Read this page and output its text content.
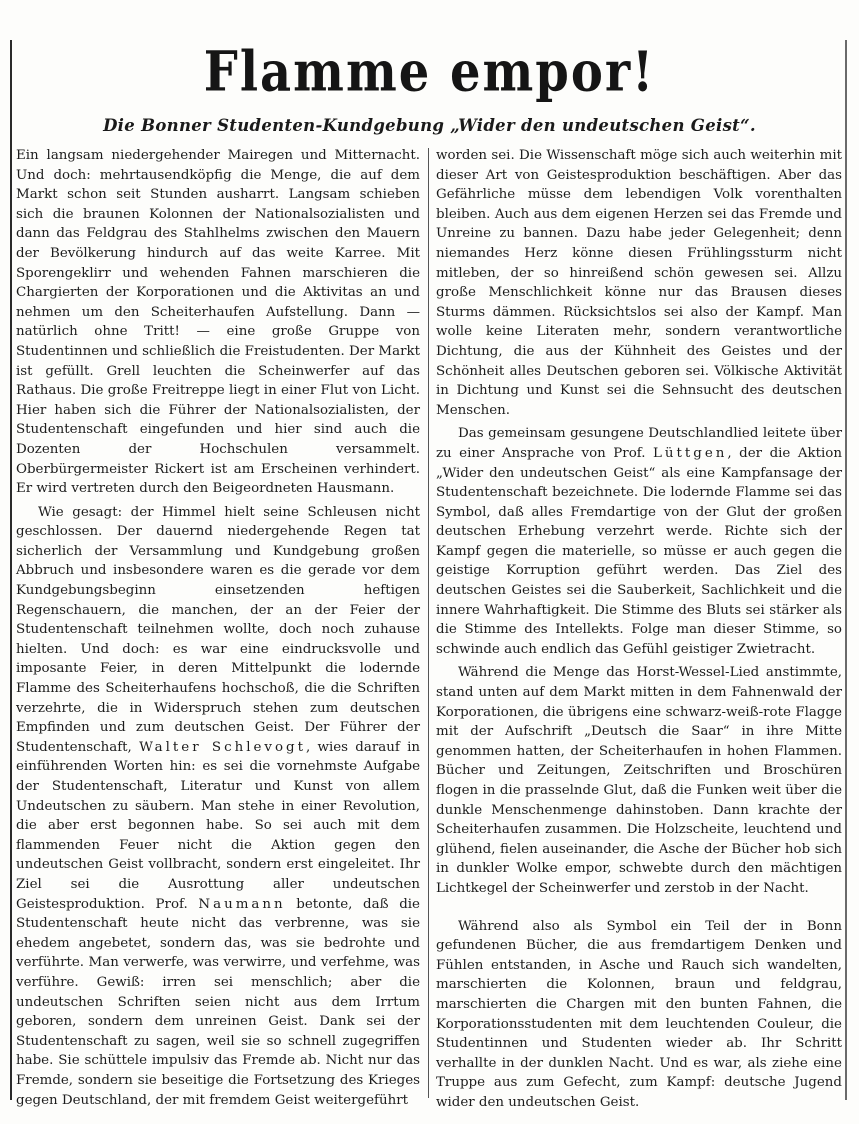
Flamme empor!
Die Bonner Studenten-Kundgebung „Wider den undeutschen Geist“.

Ein langsam niedergehender Mairegen und Mitternacht. Und doch: mehrtausendköpfig die Menge, die auf dem Markt schon seit Stunden ausharrt. Langsam schieben sich die braunen Kolonnen der Nationalsozialisten und dann das Feldgrau des Stahlhelms zwischen den Mauern der Bevölkerung hindurch auf das weite Karree. Mit Sporengeklirr und wehenden Fahnen marschieren die Chargierten der Korporationen und die Aktivitas an und nehmen um den Scheiterhaufen Aufstellung. Dann — natürlich ohne Tritt! — eine große Gruppe von Studentinnen und schließlich die Freistudenten. Der Markt ist gefüllt. Grell leuchten die Scheinwerfer auf das Rathaus. Die große Freitreppe liegt in einer Flut von Licht. Hier haben sich die Führer der Nationalsozialisten, der Studentenschaft eingefunden und hier sind auch die Dozenten der Hochschulen versammelt. Oberbürgermeister Rickert ist am Erscheinen verhindert. Er wird vertreten durch den Beigeordneten Hausmann.

Wie gesagt: der Himmel hielt seine Schleusen nicht geschlossen. Der dauernd niedergehende Regen tat sicherlich der Versammlung und Kundgebung großen Abbruch und insbesondere waren es die gerade vor dem Kundgebungsbeginn einsetzenden heftigen Regenschauern, die manchen, der an der Feier der Studentenschaft teilnehmen wollte, doch noch zuhause hielten. Und doch: es war eine eindrucksvolle und imposante Feier, in deren Mittelpunkt die lodernde Flamme des Scheiterhaufens hochschoß, die die Schriften verzehrte, die in Widerspruch stehen zum deutschen Empfinden und zum deutschen Geist. Der Führer der Studentenschaft, Walter Schlevogt, wies darauf in einführenden Worten hin: es sei die vornehmste Aufgabe der Studentenschaft, Literatur und Kunst von allem Undeutschen zu säubern. Man stehe in einer Revolution, die aber erst begonnen habe. So sei auch mit dem flammenden Feuer nicht die Aktion gegen den undeutschen Geist vollbracht, sondern erst eingeleitet. Ihr Ziel sei die Ausrottung aller undeutschen Geistesproduktion. Prof. Naumann betonte, daß die Studentenschaft heute nicht das verbrenne, was sie ehedem angebetet, sondern das, was sie bedrohte und verführte. Man verwerfe, was verwirre, und verfehme, was verführe. Gewiß: irren sei menschlich; aber die undeutschen Schriften seien nicht aus dem Irrtum geboren, sondern dem unreinen Geist. Dank sei der Studentenschaft zu sagen, weil sie so schnell zugegriffen habe. Sie schüttele impulsiv das Fremde ab. Nicht nur das Fremde, sondern sie beseitige die Fortsetzung des Krieges gegen Deutschland, der mit fremdem Geist weitergeführt

worden sei. Die Wissenschaft möge sich auch weiterhin mit dieser Art von Geistesproduktion beschäftigen. Aber das Gefährliche müsse dem lebendigen Volk vorenthalten bleiben. Auch aus dem eigenen Herzen sei das Fremde und Unreine zu bannen. Dazu habe jeder Gelegenheit; denn niemandes Herz könne diesen Frühlingssturm nicht mitleben, der so hinreißend schön gewesen sei. Allzu große Menschlichkeit könne nur das Brausen dieses Sturms dämmen. Rücksichtslos sei also der Kampf. Man wolle keine Literaten mehr, sondern verantwortliche Dichtung, die aus der Kühnheit des Geistes und der Schönheit alles Deutschen geboren sei. Völkische Aktivität in Dichtung und Kunst sei die Sehnsucht des deutschen Menschen.

Das gemeinsam gesungene Deutschlandlied leitete über zu einer Ansprache von Prof. Lüttgen, der die Aktion „Wider den undeutschen Geist“ als eine Kampfansage der Studentenschaft bezeichnete. Die lodernde Flamme sei das Symbol, daß alles Fremdartige von der Glut der großen deutschen Erhebung verzehrt werde. Richte sich der Kampf gegen die materielle, so müsse er auch gegen die geistige Korruption geführt werden. Das Ziel des deutschen Geistes sei die Sauberkeit, Sachlichkeit und die innere Wahrhaftigkeit. Die Stimme des Bluts sei stärker als die Stimme des Intellekts. Folge man dieser Stimme, so schwinde auch endlich das Gefühl geistiger Zwietracht.

Während die Menge das Horst-Wessel-Lied anstimmte, stand unten auf dem Markt mitten in dem Fahnenwald der Korporationen, die übrigens eine schwarz-weiß-rote Flagge mit der Aufschrift „Deutsch die Saar“ in ihre Mitte genommen hatten, der Scheiterhaufen in hohen Flammen. Bücher und Zeitungen, Zeitschriften und Broschüren flogen in die prasselnde Glut, daß die Funken weit über die dunkle Menschenmenge dahinstoben. Dann krachte der Scheiterhaufen zusammen. Die Holzscheite, leuchtend und glühend, fielen auseinander, die Asche der Bücher hob sich in dunkler Wolke empor, schwebte durch den mächtigen Lichtkegel der Scheinwerfer und zerstob in der Nacht.

Während also als Symbol ein Teil der in Bonn gefundenen Bücher, die aus fremdartigem Denken und Fühlen entstanden, in Asche und Rauch sich wandelten, marschierten die Kolonnen, braun und feldgrau, marschierten die Chargen mit den bunten Fahnen, die Korporationsstudenten mit dem leuchtenden Couleur, die Studentinnen und Studenten wieder ab. Ihr Schritt verhallte in der dunklen Nacht. Und es war, als ziehe eine Truppe aus zum Gefecht, zum Kampf: deutsche Jugend wider den undeutschen Geist.
